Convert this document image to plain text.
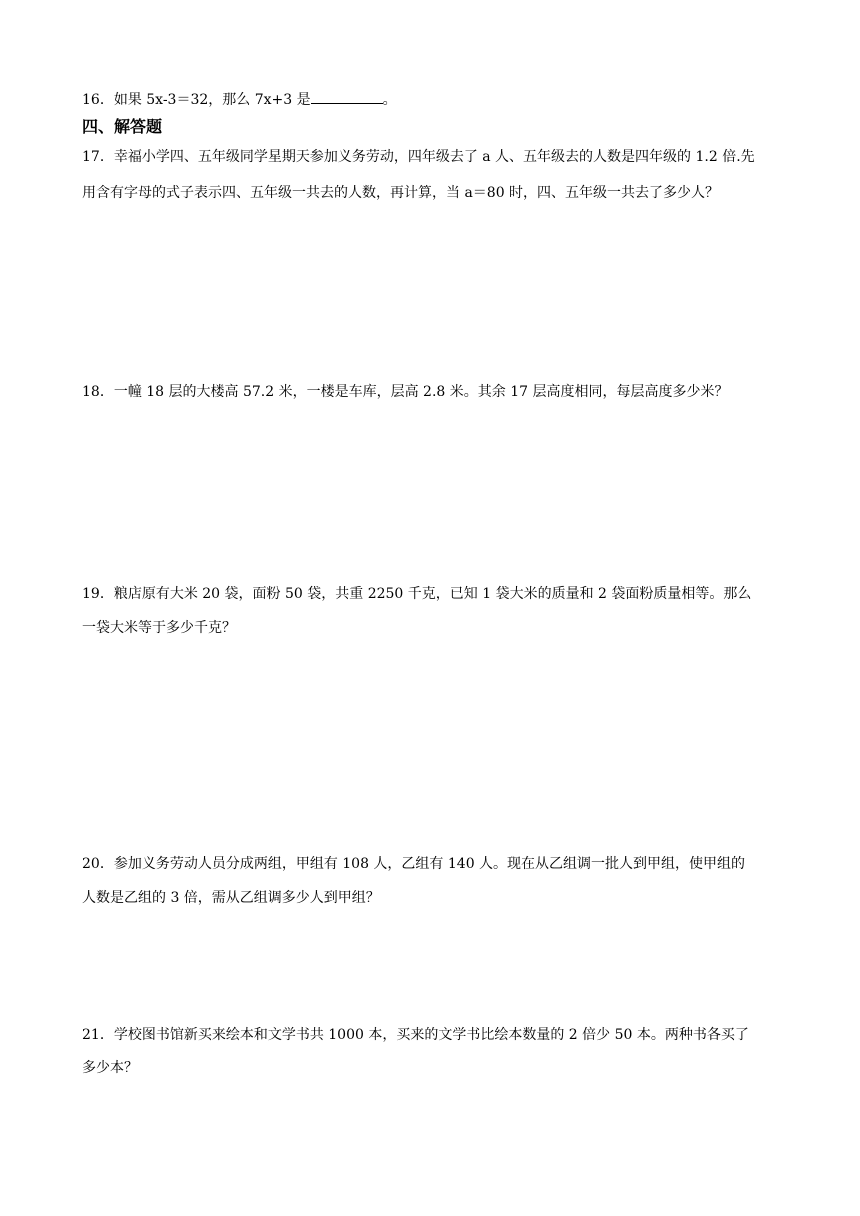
16．如果 5x-3＝32，那么 7x+3 是	。
四、解答题
17．幸福小学四、五年级同学星期天参加义务劳动，四年级去了 a 人、五年级去的人数是四年级的 1.2 倍.先
用含有字母的式子表示四、五年级一共去的人数，再计算，当 a＝80 时，四、五年级一共去了多少人？
18．一幢 18 层的大楼高 57.2 米，一楼是车库，层高 2.8 米。其余 17 层高度相同，每层高度多少米？
19．粮店原有大米 20 袋，面粉 50 袋，共重 2250 千克，已知 1 袋大米的质量和 2 袋面粉质量相等。那么
一袋大米等于多少千克？
20．参加义务劳动人员分成两组，甲组有 108 人，乙组有 140 人。现在从乙组调一批人到甲组，使甲组的
人数是乙组的 3 倍，需从乙组调多少人到甲组？
21．学校图书馆新买来绘本和文学书共 1000 本，买来的文学书比绘本数量的 2 倍少 50 本。两种书各买了
多少本？
